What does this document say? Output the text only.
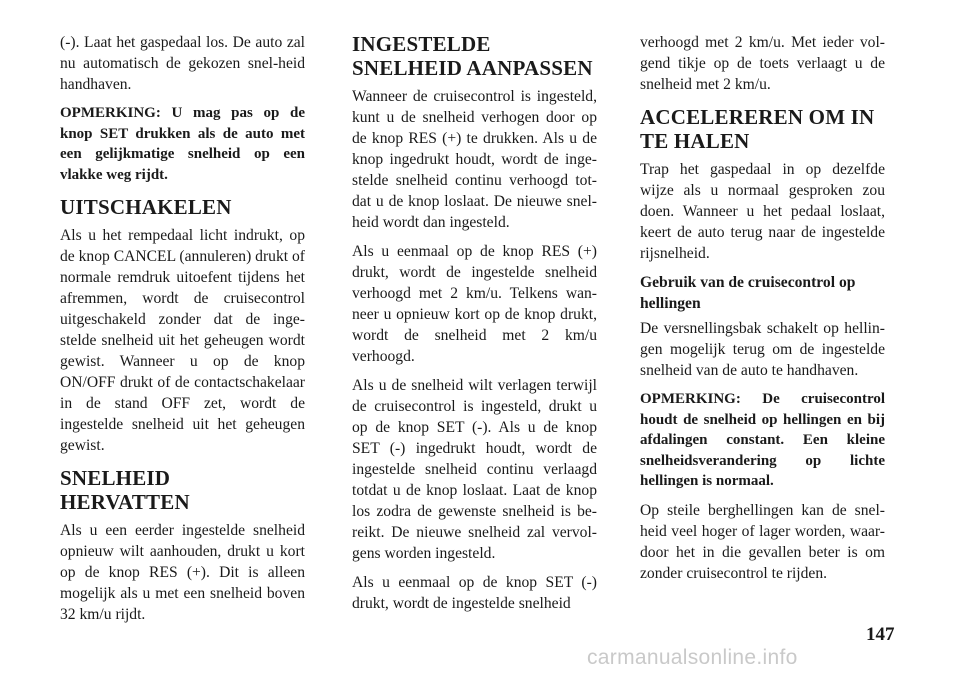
(-). Laat het gaspedaal los. De auto zal nu automatisch de gekozen snel-heid handhaven.

OPMERKING: U mag pas op de knop SET drukken als de auto met een gelijkmatige snelheid op een vlakke weg rijdt.

UITSCHAKELEN

Als u het rempedaal licht indrukt, op de knop CANCEL (annuleren) drukt of normale remdruk uitoefent tijdens het afremmen, wordt de cruisecontrol uitgeschakeld zonder dat de inge-stelde snelheid uit het geheugen wordt gewist. Wanneer u op de knop ON/OFF drukt of de contactschakelaar in de stand OFF zet, wordt de ingestelde snelheid uit het geheugen gewist.

SNELHEID HERVATTEN

Als u een eerder ingestelde snelheid opnieuw wilt aanhouden, drukt u kort op de knop RES (+). Dit is alleen mogelijk als u met een snelheid boven 32 km/u rijdt.

INGESTELDE SNELHEID AANPASSEN

Wanneer de cruisecontrol is ingesteld, kunt u de snelheid verhogen door op de knop RES (+) te drukken. Als u de knop ingedrukt houdt, wordt de inge-stelde snelheid continu verhoogd tot-dat u de knop loslaat. De nieuwe snel-heid wordt dan ingesteld.

Als u eenmaal op de knop RES (+) drukt, wordt de ingestelde snelheid verhoogd met 2 km/u. Telkens wan-neer u opnieuw kort op de knop drukt, wordt de snelheid met 2 km/u verhoogd.

Als u de snelheid wilt verlagen terwijl de cruisecontrol is ingesteld, drukt u op de knop SET (-). Als u de knop SET (-) ingedrukt houdt, wordt de ingestelde snelheid continu verlaagd totdat u de knop loslaat. Laat de knop los zodra de gewenste snelheid is be-reikt. De nieuwe snelheid zal vervol-gens worden ingesteld.

Als u eenmaal op de knop SET (-) drukt, wordt de ingestelde snelheid

verhoogd met 2 km/u. Met ieder vol-gend tikje op de toets verlaagt u de snelheid met 2 km/u.

ACCELEREREN OM IN TE HALEN

Trap het gaspedaal in op dezelfde wijze als u normaal gesproken zou doen. Wanneer u het pedaal loslaat, keert de auto terug naar de ingestelde rijsnelheid.

Gebruik van de cruisecontrol op hellingen

De versnellingsbak schakelt op hellin-gen mogelijk terug om de ingestelde snelheid van de auto te handhaven.

OPMERKING: De cruisecontrol houdt de snelheid op hellingen en bij afdalingen constant. Een kleine snelheidsverandering op lichte hellingen is normaal.

Op steile berghellingen kan de snel-heid veel hoger of lager worden, waar-door het in die gevallen beter is om zonder cruisecontrol te rijden.

147
carmanualsonline.info
